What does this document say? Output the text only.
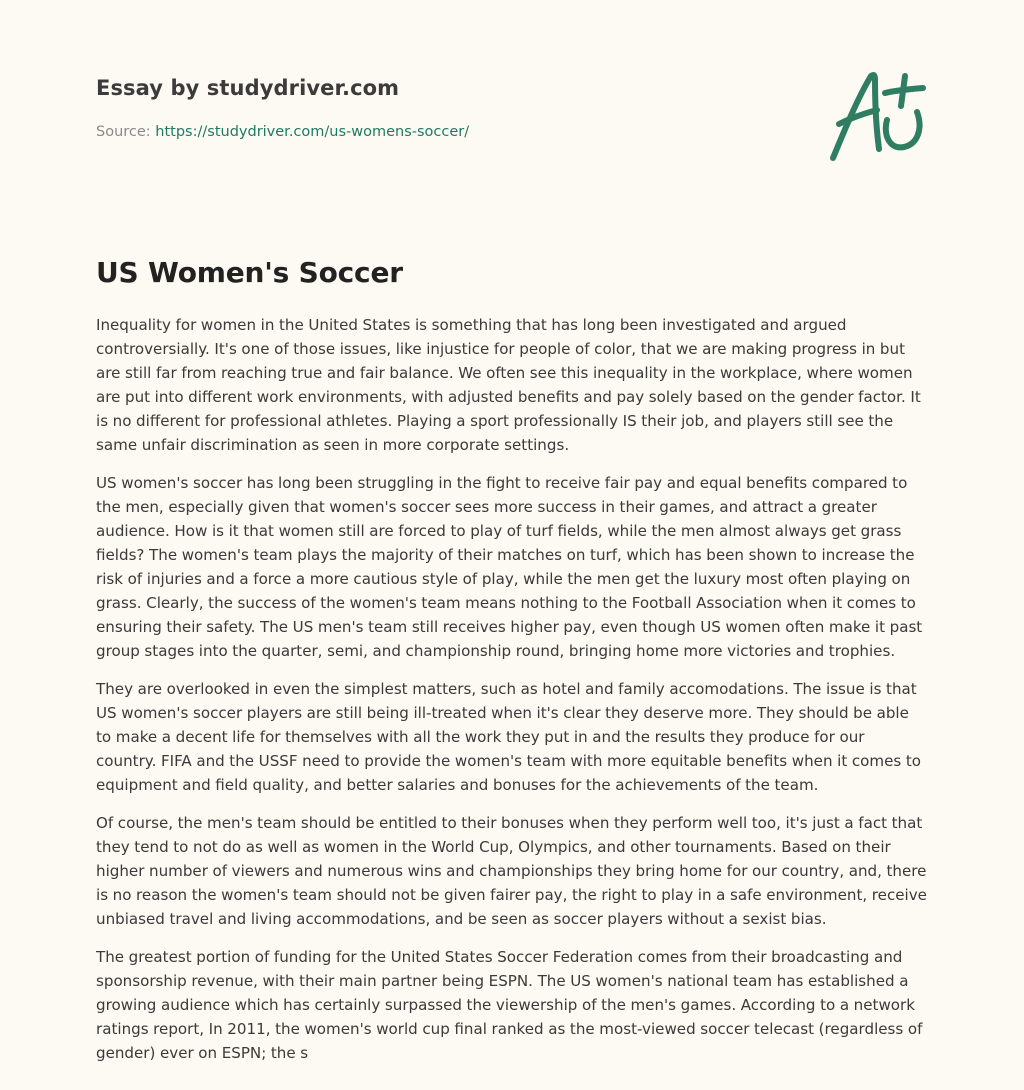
Essay by studydriver.com

Source: https://studydriver.com/us-womens-soccer/

US Women's Soccer

Inequality for women in the United States is something that has long been investigated and argued controversially. It's one of those issues, like injustice for people of color, that we are making progress in but are still far from reaching true and fair balance. We often see this inequality in the workplace, where women are put into different work environments, with adjusted benefits and pay solely based on the gender factor. It is no different for professional athletes. Playing a sport professionally IS their job, and players still see the same unfair discrimination as seen in more corporate settings.

US women's soccer has long been struggling in the fight to receive fair pay and equal benefits compared to the men, especially given that women's soccer sees more success in their games, and attract a greater audience. How is it that women still are forced to play of turf fields, while the men almost always get grass fields? The women's team plays the majority of their matches on turf, which has been shown to increase the risk of injuries and a force a more cautious style of play, while the men get the luxury most often playing on grass. Clearly, the success of the women's team means nothing to the Football Association when it comes to ensuring their safety. The US men's team still receives higher pay, even though US women often make it past group stages into the quarter, semi, and championship round, bringing home more victories and trophies.

They are overlooked in even the simplest matters, such as hotel and family accomodations. The issue is that US women's soccer players are still being ill-treated when it's clear they deserve more. They should be able to make a decent life for themselves with all the work they put in and the results they produce for our country. FIFA and the USSF need to provide the women's team with more equitable benefits when it comes to equipment and field quality, and better salaries and bonuses for the achievements of the team.

Of course, the men's team should be entitled to their bonuses when they perform well too, it's just a fact that they tend to not do as well as women in the World Cup, Olympics, and other tournaments. Based on their higher number of viewers and numerous wins and championships they bring home for our country, and, there is no reason the women's team should not be given fairer pay, the right to play in a safe environment, receive unbiased travel and living accommodations, and be seen as soccer players without a sexist bias.

The greatest portion of funding for the United States Soccer Federation comes from their broadcasting and sponsorship revenue, with their main partner being ESPN. The US women's national team has established a growing audience which has certainly surpassed the viewership of the men's games. According to a network ratings report, In 2011, the women's world cup final ranked as the most-viewed soccer telecast (regardless of gender) ever on ESPN; the s
